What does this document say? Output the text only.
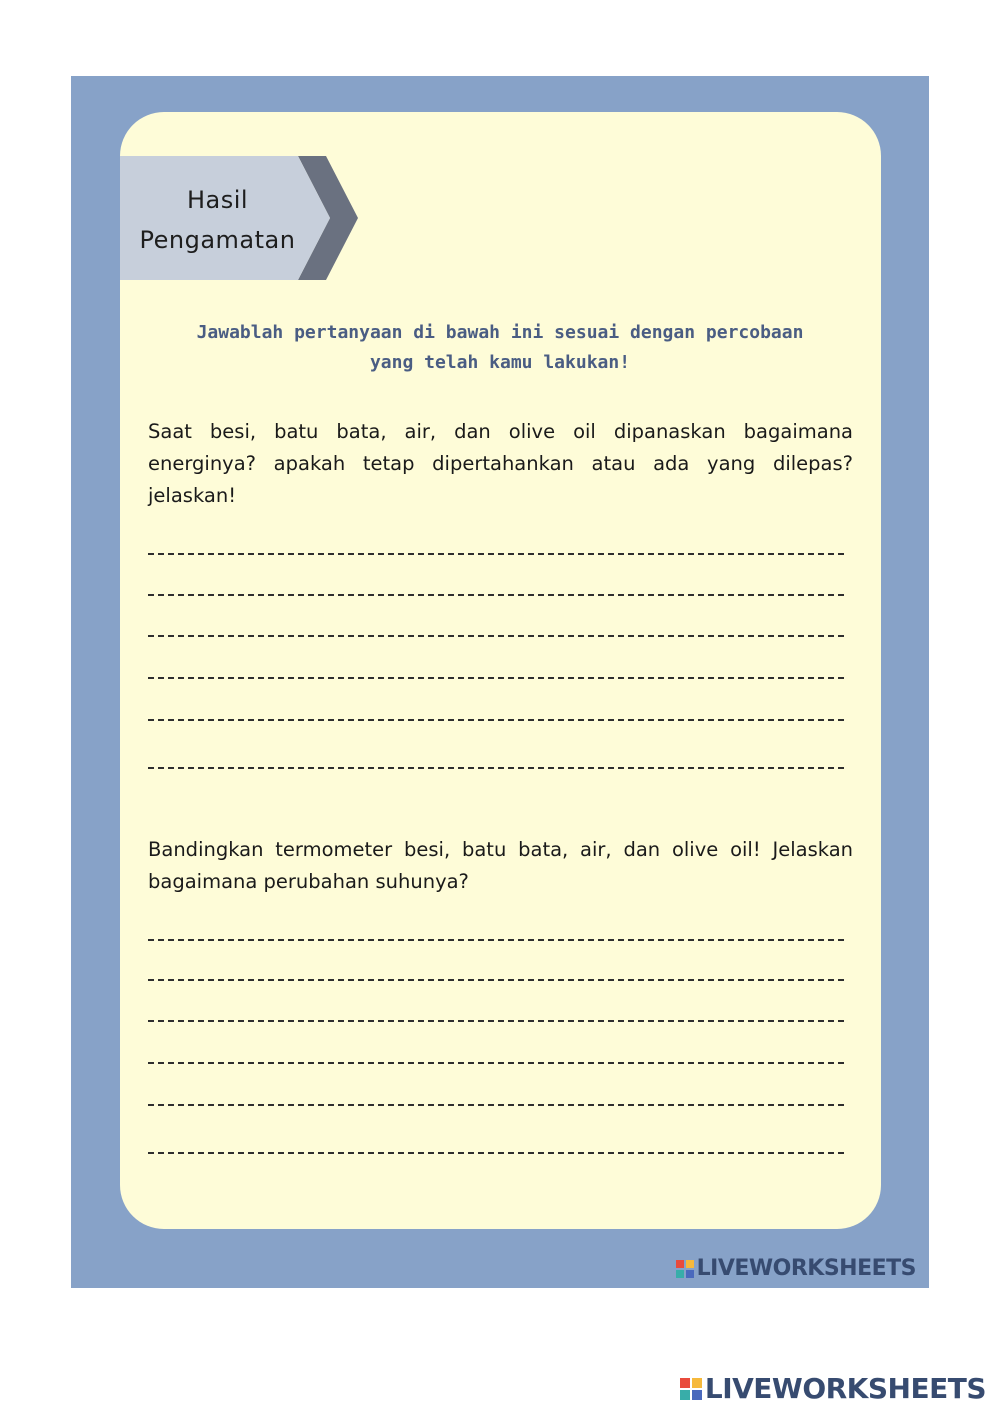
Hasil
Pengamatan
Jawablah pertanyaan di bawah ini sesuai dengan percobaan
yang telah kamu lakukan!
Saat besi, batu bata, air, dan olive oil dipanaskan bagaimana energinya? apakah tetap dipertahankan atau ada yang dilepas? jelaskan!
Bandingkan termometer besi, batu bata, air, dan olive oil! Jelaskan bagaimana perubahan suhunya?
LIVEWORKSHEETS
LIVEWORKSHEETS
